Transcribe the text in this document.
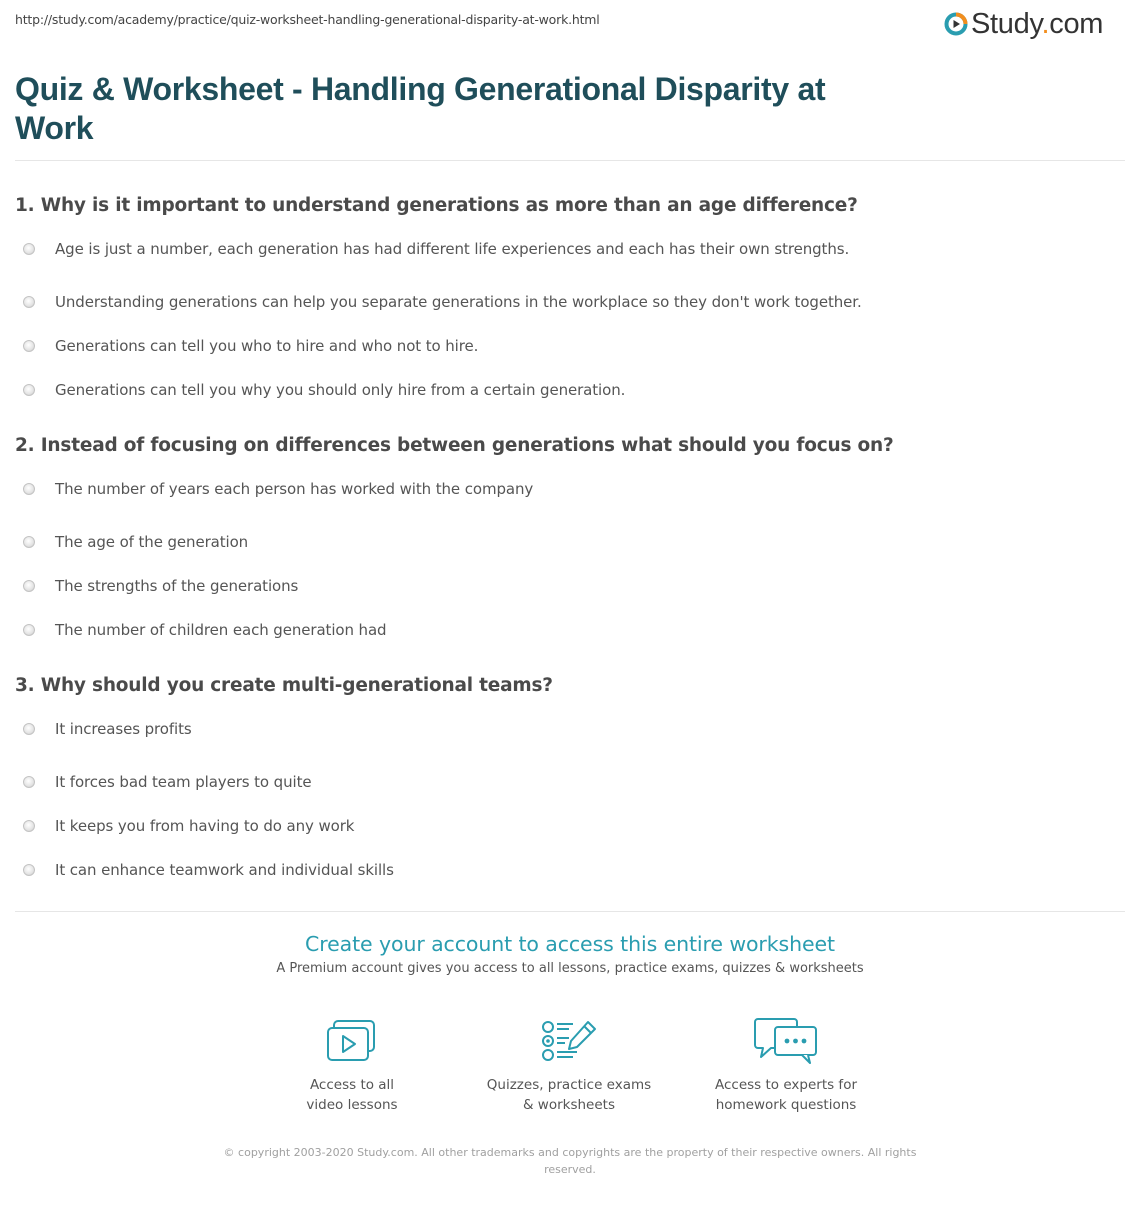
http://study.com/academy/practice/quiz-worksheet-handling-generational-disparity-at-work.html	Study.com
Quiz & Worksheet - Handling Generational Disparity at Work
1. Why is it important to understand generations as more than an age difference?
Age is just a number, each generation has had different life experiences and each has their own strengths.
Understanding generations can help you separate generations in the workplace so they don't work together.
Generations can tell you who to hire and who not to hire.
Generations can tell you why you should only hire from a certain generation.
2. Instead of focusing on differences between generations what should you focus on?
The number of years each person has worked with the company
The age of the generation
The strengths of the generations
The number of children each generation had
3. Why should you create multi-generational teams?
It increases profits
It forces bad team players to quite
It keeps you from having to do any work
It can enhance teamwork and individual skills
Create your account to access this entire worksheet
A Premium account gives you access to all lessons, practice exams, quizzes & worksheets
Access to all
video lessons
Quizzes, practice exams
& worksheets
Access to experts for
homework questions
© copyright 2003-2020 Study.com. All other trademarks and copyrights are the property of their respective owners. All rights reserved.
